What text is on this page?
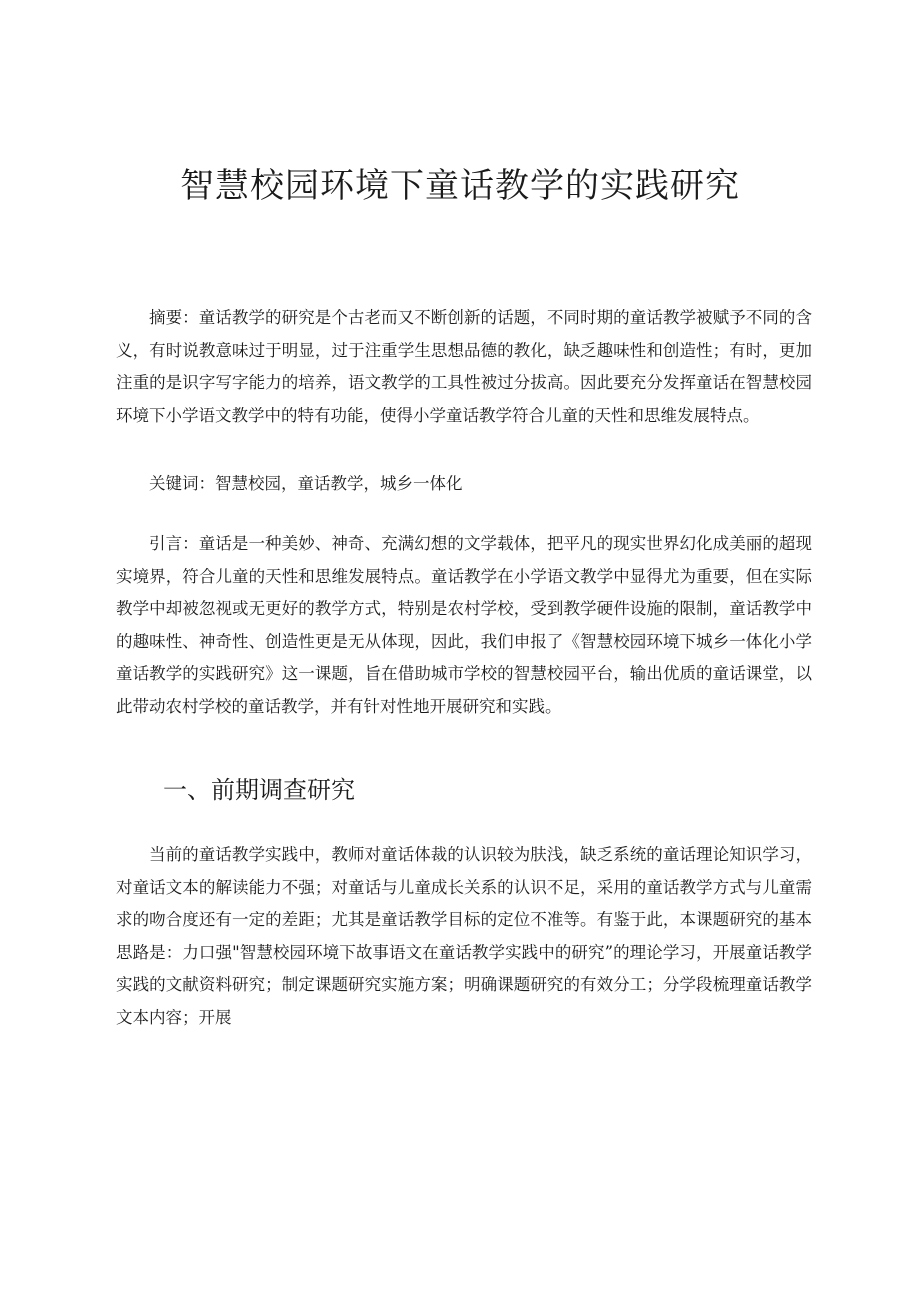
智慧校园环境下童话教学的实践研究

摘要：童话教学的研究是个古老而又不断创新的话题，不同时期的童话教学被赋予不同的含义，有时说教意味过于明显，过于注重学生思想品德的教化，缺乏趣味性和创造性；有时，更加注重的是识字写字能力的培养，语文教学的工具性被过分拔高。因此要充分发挥童话在智慧校园环境下小学语文教学中的特有功能，使得小学童话教学符合儿童的天性和思维发展特点。

关键词：智慧校园，童话教学，城乡一体化

引言：童话是一种美妙、神奇、充满幻想的文学载体，把平凡的现实世界幻化成美丽的超现实境界，符合儿童的天性和思维发展特点。童话教学在小学语文教学中显得尤为重要，但在实际教学中却被忽视或无更好的教学方式，特别是农村学校，受到教学硬件设施的限制，童话教学中的趣味性、神奇性、创造性更是无从体现，因此，我们申报了《智慧校园环境下城乡一体化小学童话教学的实践研究》这一课题，旨在借助城市学校的智慧校园平台，输出优质的童话课堂，以此带动农村学校的童话教学，并有针对性地开展研究和实践。

一、前期调查研究

当前的童话教学实践中，教师对童话体裁的认识较为肤浅，缺乏系统的童话理论知识学习，对童话文本的解读能力不强；对童话与儿童成长关系的认识不足，采用的童话教学方式与儿童需求的吻合度还有一定的差距；尤其是童话教学目标的定位不准等。有鉴于此，本课题研究的基本思路是：力口强"智慧校园环境下故事语文在童话教学实践中的研究”的理论学习，开展童话教学实践的文献资料研究；制定课题研究实施方案；明确课题研究的有效分工；分学段梳理童话教学文本内容；开展
